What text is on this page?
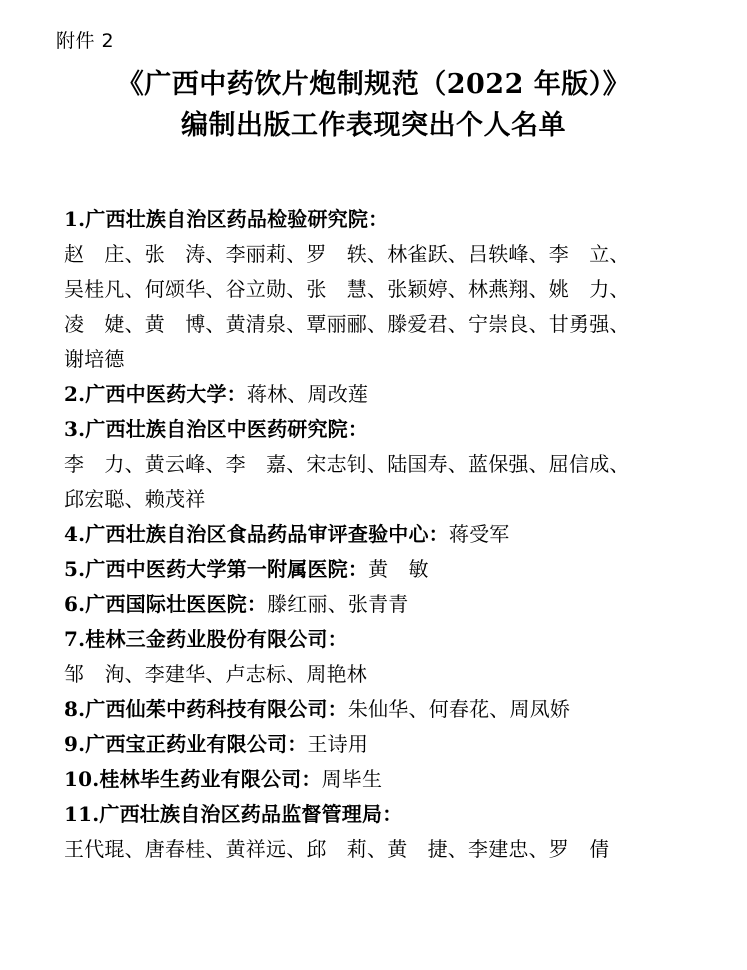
附件 2
《广西中药饮片炮制规范（2022 年版）》
编制出版工作表现突出个人名单
1.广西壮族自治区药品检验研究院：
赵　庄、张　涛、李丽莉、罗　轶、林雀跃、吕轶峰、李　立、
吴桂凡、何颂华、谷立勋、张　慧、张颖婷、林燕翔、姚　力、
凌　婕、黄　博、黄清泉、覃丽郦、滕爱君、宁崇良、甘勇强、
谢培德
2.广西中医药大学：蒋林、周改莲
3.广西壮族自治区中医药研究院：
李　力、黄云峰、李　嘉、宋志钊、陆国寿、蓝保强、屈信成、
邱宏聪、赖茂祥
4.广西壮族自治区食品药品审评查验中心：蒋受军
5.广西中医药大学第一附属医院：黄　敏
6.广西国际壮医医院：滕红丽、张青青
7.桂林三金药业股份有限公司：
邹　洵、李建华、卢志标、周艳林
8.广西仙茱中药科技有限公司：朱仙华、何春花、周凤娇
9.广西宝正药业有限公司：王诗用
10.桂林毕生药业有限公司：周毕生
11.广西壮族自治区药品监督管理局：
王代琨、唐春桂、黄祥远、邱　莉、黄　捷、李建忠、罗　倩
